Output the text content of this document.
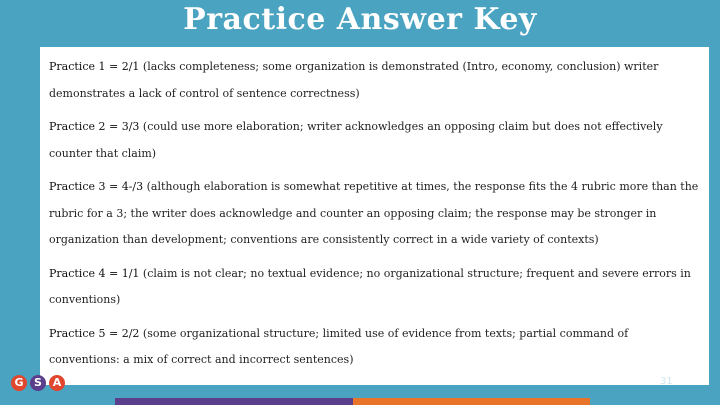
Practice Answer Key

Practice 1 = 2/1 (lacks completeness; some organization is demonstrated (Intro, economy, conclusion) writer demonstrates a lack of control of sentence correctness)

Practice 2 = 3/3 (could use more elaboration; writer acknowledges an opposing claim but does not effectively counter that claim)

Practice 3 = 4-/3 (although elaboration is somewhat repetitive at times, the response fits the 4 rubric more than the rubric for a 3; the writer does acknowledge and counter an opposing claim; the response may be stronger in organization than development; conventions are consistently correct in a wide variety of contexts)

Practice 4 = 1/1 (claim is not clear; no textual evidence; no organizational structure; frequent and severe errors in conventions)

Practice 5 = 2/2 (some organizational structure; limited use of evidence from texts; partial command of conventions: a mix of correct and incorrect sentences)

G S A	31
